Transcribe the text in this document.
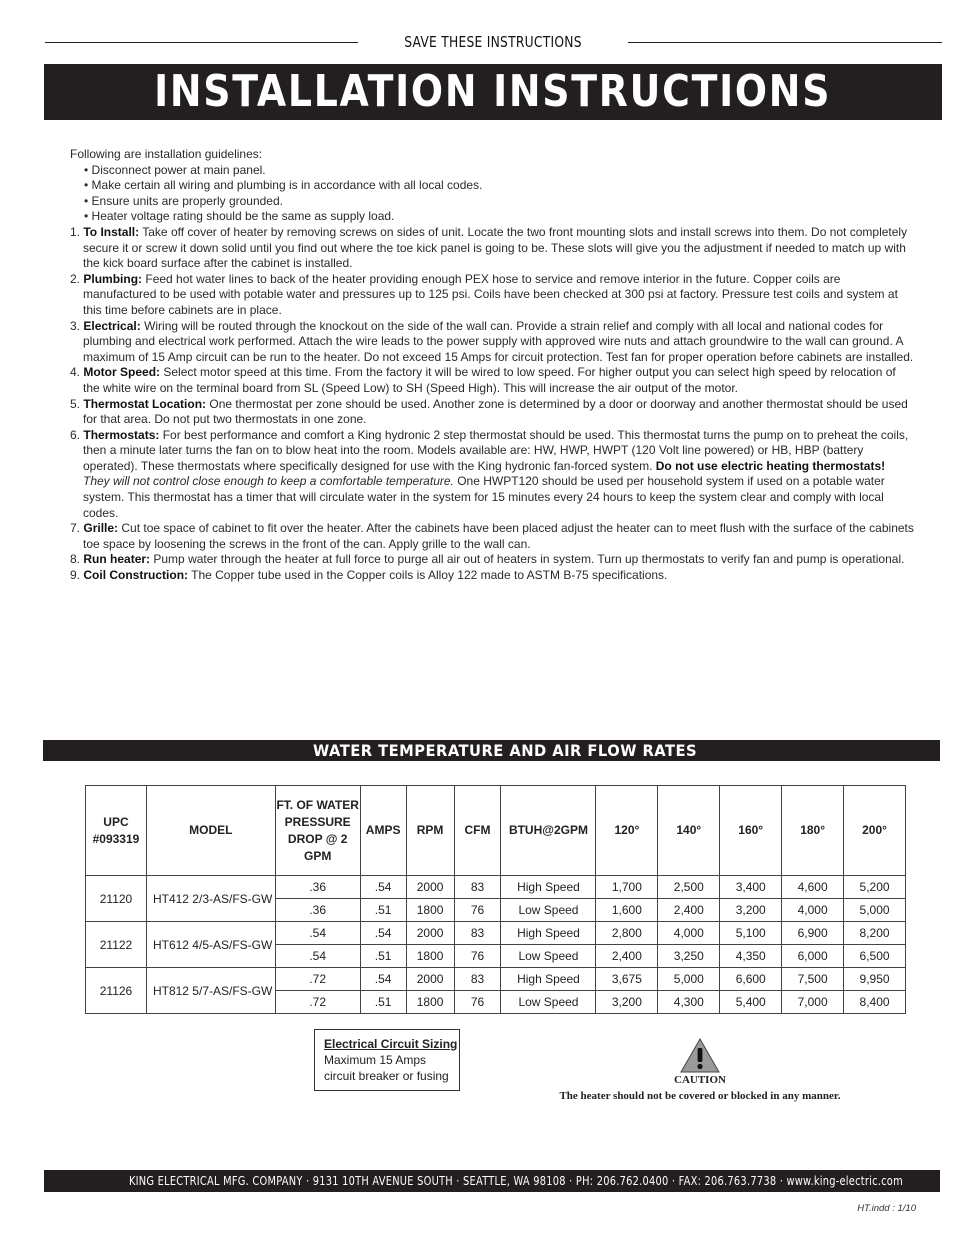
SAVE THESE INSTRUCTIONS
INSTALLATION INSTRUCTIONS

Following are installation guidelines:

• Disconnect power at main panel.
• Make certain all wiring and plumbing is in accordance with all local codes.
• Ensure units are properly grounded.
• Heater voltage rating should be the same as supply load.

1. To Install: Take off cover of heater by removing screws on sides of unit. Locate the two front mounting slots and install screws into them. Do not completely secure it or screw it down solid until you find out where the toe kick panel is going to be. These slots will give you the adjustment if needed to match up with the kick board surface after the cabinet is installed.

2. Plumbing: Feed hot water lines to back of the heater providing enough PEX hose to service and remove interior in the future. Copper coils are manufactured to be used with potable water and pressures up to 125 psi. Coils have been checked at 300 psi at factory. Pressure test coils and system at this time before cabinets are in place.

3. Electrical: Wiring will be routed through the knockout on the side of the wall can. Provide a strain relief and comply with all local and national codes for plumbing and electrical work performed. Attach the wire leads to the power supply with approved wire nuts and attach groundwire to the wall can ground. A maximum of 15 Amp circuit can be run to the heater. Do not exceed 15 Amps for circuit protection. Test fan for proper operation before cabinets are installed.

4. Motor Speed: Select motor speed at this time. From the factory it will be wired to low speed. For higher output you can select high speed by relocation of the white wire on the terminal board from SL (Speed Low) to SH (Speed High). This will increase the air output of the motor.

5. Thermostat Location: One thermostat per zone should be used. Another zone is determined by a door or doorway and another thermostat should be used for that area. Do not put two thermostats in one zone.

6. Thermostats: For best performance and comfort a King hydronic 2 step thermostat should be used. This thermostat turns the pump on to preheat the coils, then a minute later turns the fan on to blow heat into the room. Models available are: HW, HWP, HWPT (120 Volt line powered) or HB, HBP (battery operated). These thermostats where specifically designed for use with the King hydronic fan-forced system. Do not use electric heating thermostats! They will not control close enough to keep a comfortable temperature. One HWPT120 should be used per household system if used on a potable water system. This thermostat has a timer that will circulate water in the system for 15 minutes every 24 hours to keep the system clear and comply with local codes.

7. Grille: Cut toe space of cabinet to fit over the heater. After the cabinets have been placed adjust the heater can to meet flush with the surface of the cabinets toe space by loosening the screws in the front of the can. Apply grille to the wall can.

8. Run heater: Pump water through the heater at full force to purge all air out of heaters in system. Turn up thermostats to verify fan and pump is operational.

9. Coil Construction: The Copper tube used in the Copper coils is Alloy 122 made to ASTM B-75 specifications.

WATER TEMPERATURE AND AIR FLOW RATES
UPC #093319	MODEL	FT. OF WATER PRESSURE DROP @ 2 GPM	AMPS	RPM	CFM	BTUH@2GPM	120°	140°	160°	180°	200°
21120	HT412 2/3-AS/FS-GW	.36	.54	2000	83	High Speed	1,700	2,500	3,400	4,600	5,200
		.36	.51	1800	76	Low Speed	1,600	2,400	3,200	4,000	5,000
21122	HT612 4/5-AS/FS-GW	.54	.54	2000	83	High Speed	2,800	4,000	5,100	6,900	8,200
		.54	.51	1800	76	Low Speed	2,400	3,250	4,350	6,000	6,500
21126	HT812 5/7-AS/FS-GW	.72	.54	2000	83	High Speed	3,675	5,000	6,600	7,500	9,950
		.72	.51	1800	76	Low Speed	3,200	4,300	5,400	7,000	8,400
Electrical Circuit Sizing
Maximum 15 Amps
circuit breaker or fusing	CAUTION
The heater should not be covered or blocked in any manner.
KING ELECTRICAL MFG. COMPANY · 9131 10TH AVENUE SOUTH · SEATTLE, WA 98108 · PH: 206.762.0400 · FAX: 206.763.7738 · www.king-electric.com
HT.indd : 1/10
